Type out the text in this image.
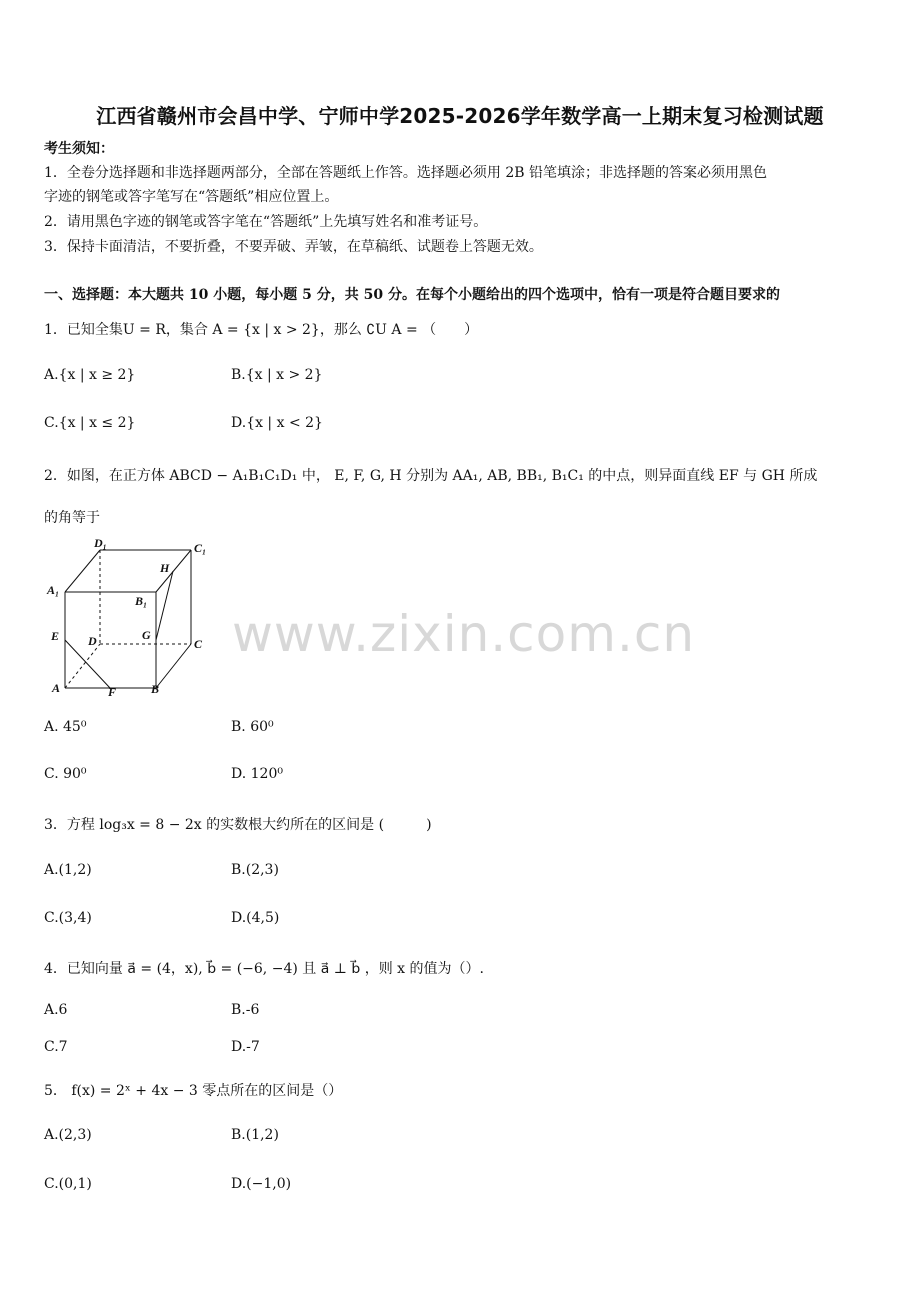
江西省赣州市会昌中学、宁师中学2025-2026学年数学高一上期末复习检测试题
考生须知：
1．全卷分选择题和非选择题两部分，全部在答题纸上作答。选择题必须用 2B 铅笔填涂；非选择题的答案必须用黑色
字迹的钢笔或答字笔写在“答题纸”相应位置上。
2．请用黑色字迹的钢笔或答字笔在“答题纸”上先填写姓名和准考证号。
3．保持卡面清洁，不要折叠，不要弄破、弄皱，在草稿纸、试题卷上答题无效。
一、选择题：本大题共 10 小题，每小题 5 分，共 50 分。在每个小题给出的四个选项中，恰有一项是符合题目要求的
1．已知全集U = R，集合 A = {x | x > 2}，那么 ∁U A = （　　）
A.{x | x ≥ 2}	B.{x | x > 2}
C.{x | x ≤ 2}	D.{x | x < 2}
2．如图，在正方体 ABCD − A₁B₁C₁D₁ 中， E, F, G, H 分别为 AA₁, AB, BB₁, B₁C₁ 的中点，则异面直线 EF 与 GH 所成
的角等于
D₁	C₁
H
A₁
B₁
E D	G
C
A	F	B
www.zixin.com.cn
A. 45⁰	B. 60⁰
C. 90⁰	D. 120⁰
3．方程 log₃x = 8 − 2x 的实数根大约所在的区间是 (　　　)
A.(1,2)	B.(2,3)
C.(3,4)	D.(4,5)
4．已知向量 a⃗ = (4，x), b⃗ = (−6, −4) 且 a⃗ ⊥ b⃗ ，则 x 的值为（）.
A.6	B.-6
C.7	D.-7
5． f(x) = 2ˣ + 4x − 3 零点所在的区间是（）
A.(2,3)	B.(1,2)
C.(0,1)	D.(−1,0)
